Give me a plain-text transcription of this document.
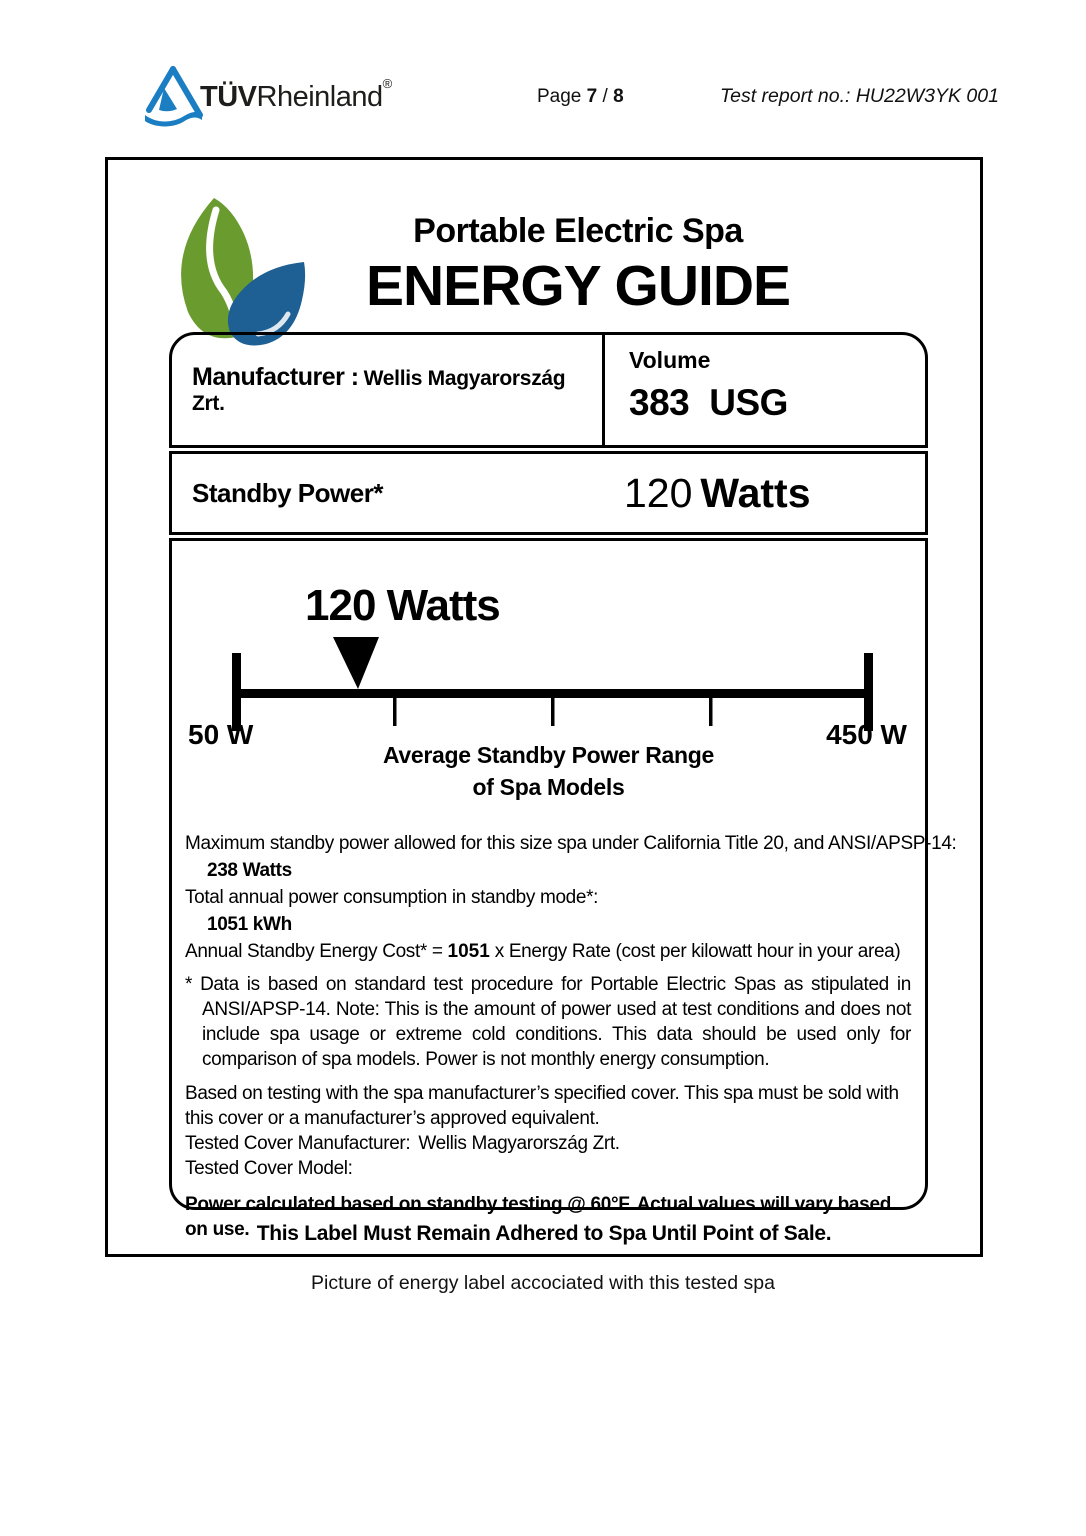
TÜVRheinland®
Page 7 / 8	Test report no.: HU22W3YK 001
Portable Electric Spa
ENERGY GUIDE
Manufacturer : Wellis Magyarország Zrt.
Volume
383 USG
Standby Power*	120 Watts
120 Watts
50 W	450 W
Average Standby Power Range
of Spa Models
Maximum standby power allowed for this size spa under California Title 20, and ANSI/APSP-14:
238 Watts
Total annual power consumption in standby mode*:
1051 kWh
Annual Standby Energy Cost* = 1051 x Energy Rate (cost per kilowatt hour in your area)
* Data is based on standard test procedure for Portable Electric Spas as stipulated in ANSI/APSP-14. Note: This is the amount of power used at test conditions and does not include spa usage or extreme cold conditions. This data should be used only for comparison of spa models. Power is not monthly energy consumption.
Based on testing with the spa manufacturer’s specified cover. This spa must be sold with this cover or a manufacturer’s approved equivalent.
Tested Cover Manufacturer: Wellis Magyarország Zrt.
Tested Cover Model:
Power calculated based on standby testing @ 60°F. Actual values will vary based on use. This Label Must Remain Adhered to Spa Until Point of Sale.
Picture of energy label accociated with this tested spa
